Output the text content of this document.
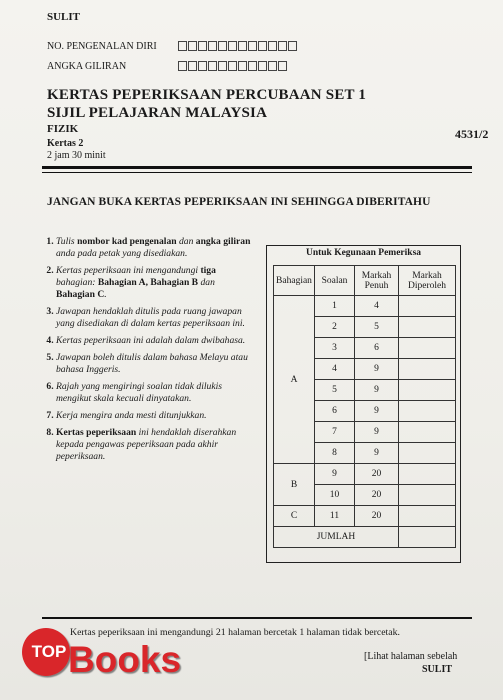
SULIT
NO. PENGENALAN DIRI
ANGKA GILIRAN
KERTAS PEPERIKSAAN PERCUBAAN SET 1
SIJIL PELAJARAN MALAYSIA
FIZIK	4531/2
Kertas 2
2 jam 30 minit
JANGAN BUKA KERTAS PEPERIKSAAN INI SEHINGGA DIBERITAHU
1. Tulis nombor kad pengenalan dan angka giliran anda pada petak yang disediakan.
2. Kertas peperiksaan ini mengandungi tiga bahagian: Bahagian A, Bahagian B dan Bahagian C.
3. Jawapan hendaklah ditulis pada ruang jawapan yang disediakan di dalam kertas peperiksaan ini.
4. Kertas peperiksaan ini adalah dalam dwibahasa.
5. Jawapan boleh ditulis dalam bahasa Melayu atau bahasa Inggeris.
6. Rajah yang mengiringi soalan tidak dilukis mengikut skala kecuali dinyatakan.
7. Kerja mengira anda mesti ditunjukkan.
8. Kertas peperiksaan ini hendaklah diserahkan kepada pengawas peperiksaan pada akhir peperiksaan.
Untuk Kegunaan Pemeriksa
Bahagian	Soalan	Markah Penuh	Markah Diperoleh
A	1	4	
	2	5	
	3	6	
	4	9	
	5	9	
	6	9	
	7	9	
	8	9	
B	9	20	
	10	20	
C	11	20	
JUMLAH			
Kertas peperiksaan ini mengandungi 21 halaman bercetak 1 halaman tidak bercetak.
[Lihat halaman sebelah
SULIT
TOP Books
